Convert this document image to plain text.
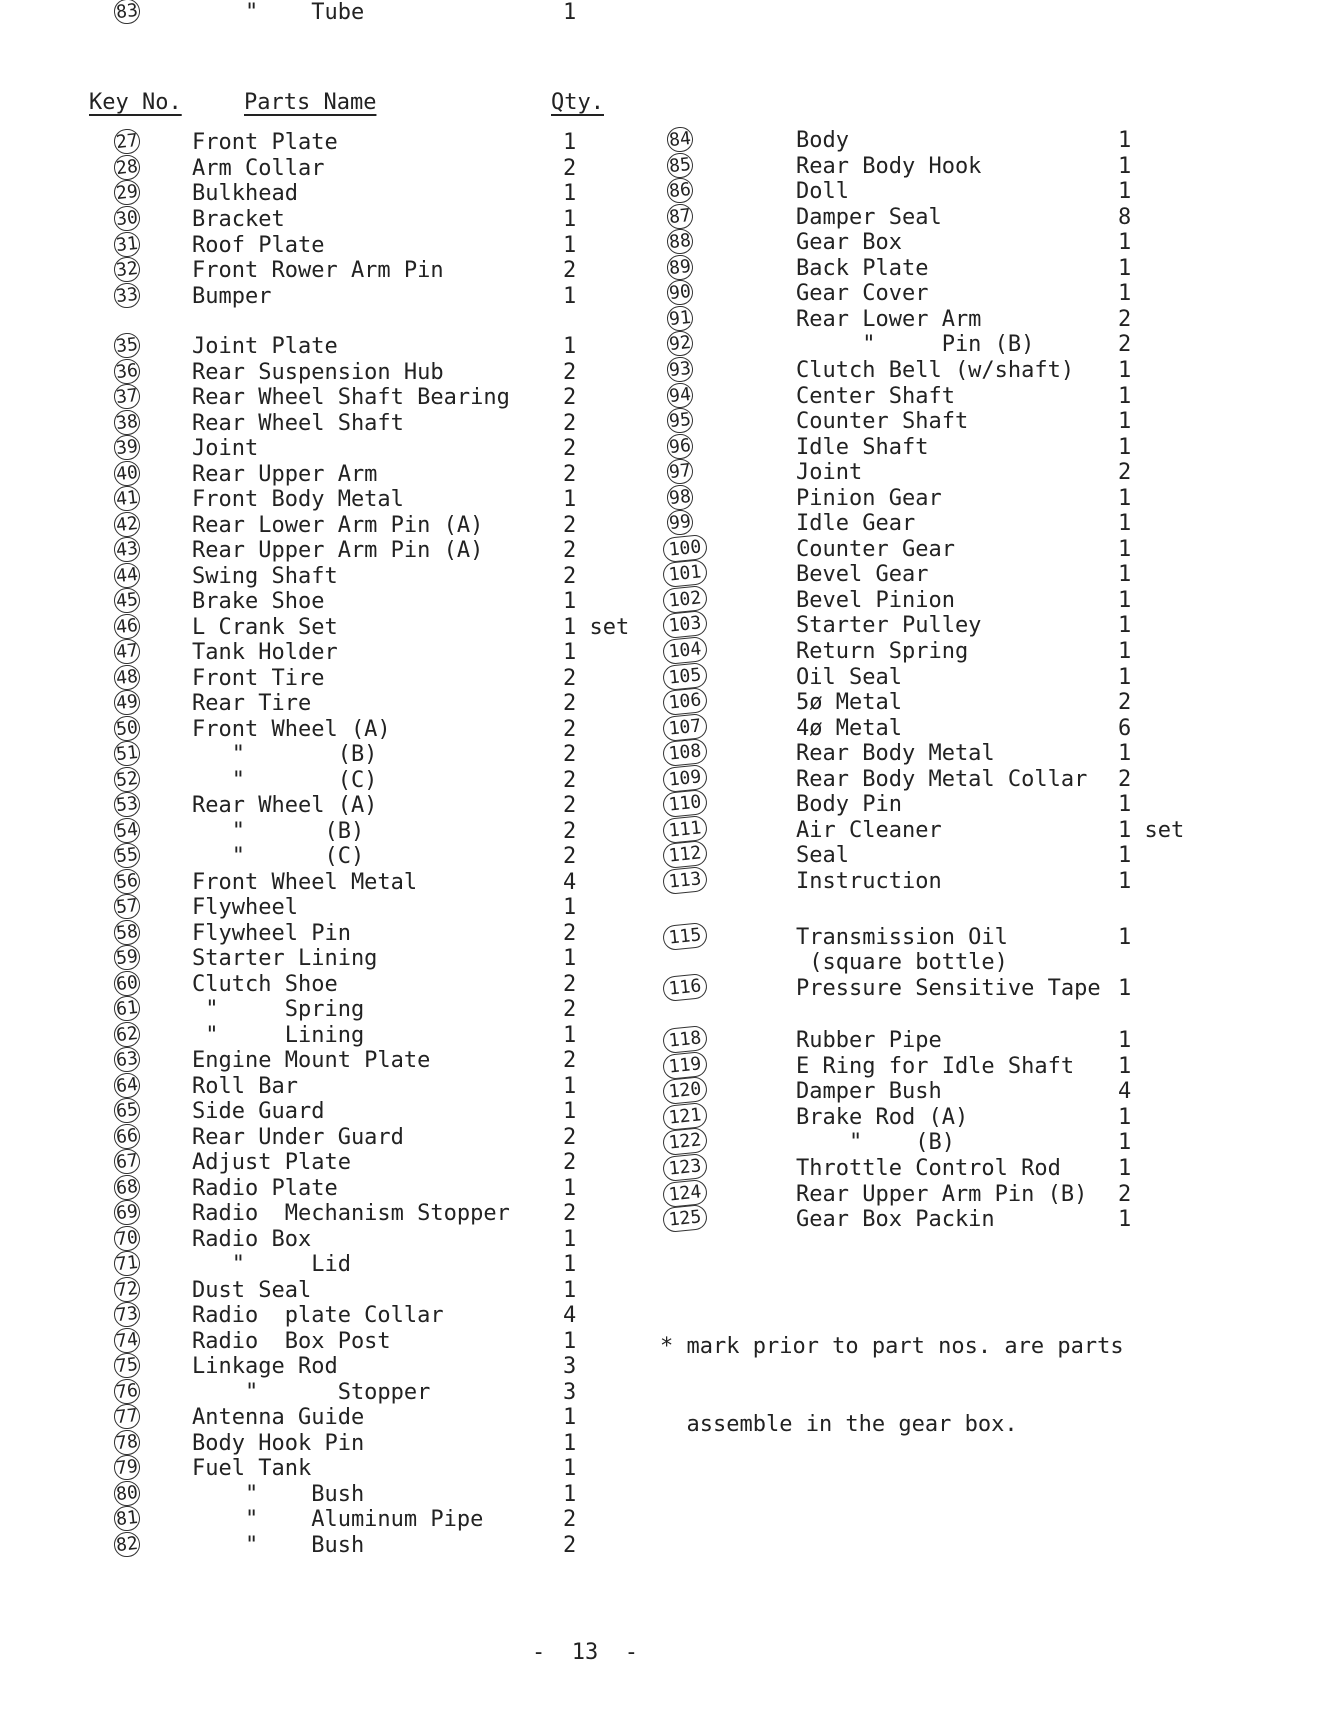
Key No.	Parts Name	Qty.
27 Front Plate	1
28 Arm Collar	2
29 Bulkhead	1
30 Bracket	1
31 Roof Plate	1
32 Front Rower Arm Pin	2
33 Bumper	1
35 Joint Plate	1
36 Rear Suspension Hub	2
37 Rear Wheel Shaft Bearing 2
38 Rear Wheel Shaft	2
39 Joint	2
40 Rear Upper Arm	2
41 Front Body Metal	1
42 Rear Lower Arm Pin (A)	2
43 Rear Upper Arm Pin (A)	2
44 Swing Shaft	2
45 Brake Shoe	1
46 L Crank Set	1 set
47 Tank Holder	1
48 Front Tire	2
49 Rear Tire	2
50 Front Wheel (A)	2
51 "       (B)	2
52 "       (C)	2
53 Rear Wheel (A)	2
54 "      (B)	2
55 "      (C)	2
56 Front Wheel Metal	4
57 Flywheel	1
58 Flywheel Pin	2
59 Starter Lining	1
60 Clutch Shoe	2
61 "     Spring	2
62 "     Lining	1
63 Engine Mount Plate	2
64 Roll Bar	1
65 Side Guard	1
66 Rear Under Guard	2
67 Adjust Plate	2
68 Radio Plate	1
69 Radio  Mechanism Stopper 2
70 Radio Box	1
71 "     Lid	1
72 Dust Seal	1
73 Radio  plate Collar	4
74 Radio  Box Post	1
75 Linkage Rod	3
76 "      Stopper	3
77 Antenna Guide	1
78 Body Hook Pin	1
79 Fuel Tank	1
80 "    Bush	1
81 "    Aluminum Pipe	2
82 "    Bush	2
83 "    Tube	1
84	Body	1
85	Rear Body Hook	1
86	Doll	1
87	Damper Seal	8
88	Gear Box	1
89	Back Plate	1
90	Gear Cover	1
91	Rear Lower Arm	2
92	"     Pin (B)	2
93	Clutch Bell (w/shaft) 1
94	Center Shaft	1
95	Counter Shaft	1
96	Idle Shaft	1
97	Joint	2
98	Pinion Gear	1
99	Idle Gear	1
100	Counter Gear	1
101	Bevel Gear	1
102	Bevel Pinion	1
103	Starter Pulley	1
104	Return Spring	1
105	Oil Seal	1
106	5ø Metal	2
107	4ø Metal	6
108	Rear Body Metal	1
109	Rear Body Metal Collar 2
110	Body Pin	1
111	Air Cleaner	1 set
112	Seal	1
113	Instruction	1
115	Transmission Oil	1
(square bottle)
116	Pressure Sensitive Tape 1
118	Rubber Pipe	1
119	E Ring for Idle Shaft 1
120	Damper Bush	4
121	Brake Rod (A)	1
122	"    (B)	1
123	Throttle Control Rod	1
124	Rear Upper Arm Pin (B) 2
125	Gear Box Packin	1

* mark prior to part nos. are parts

assemble in the gear box.

-  13  -
